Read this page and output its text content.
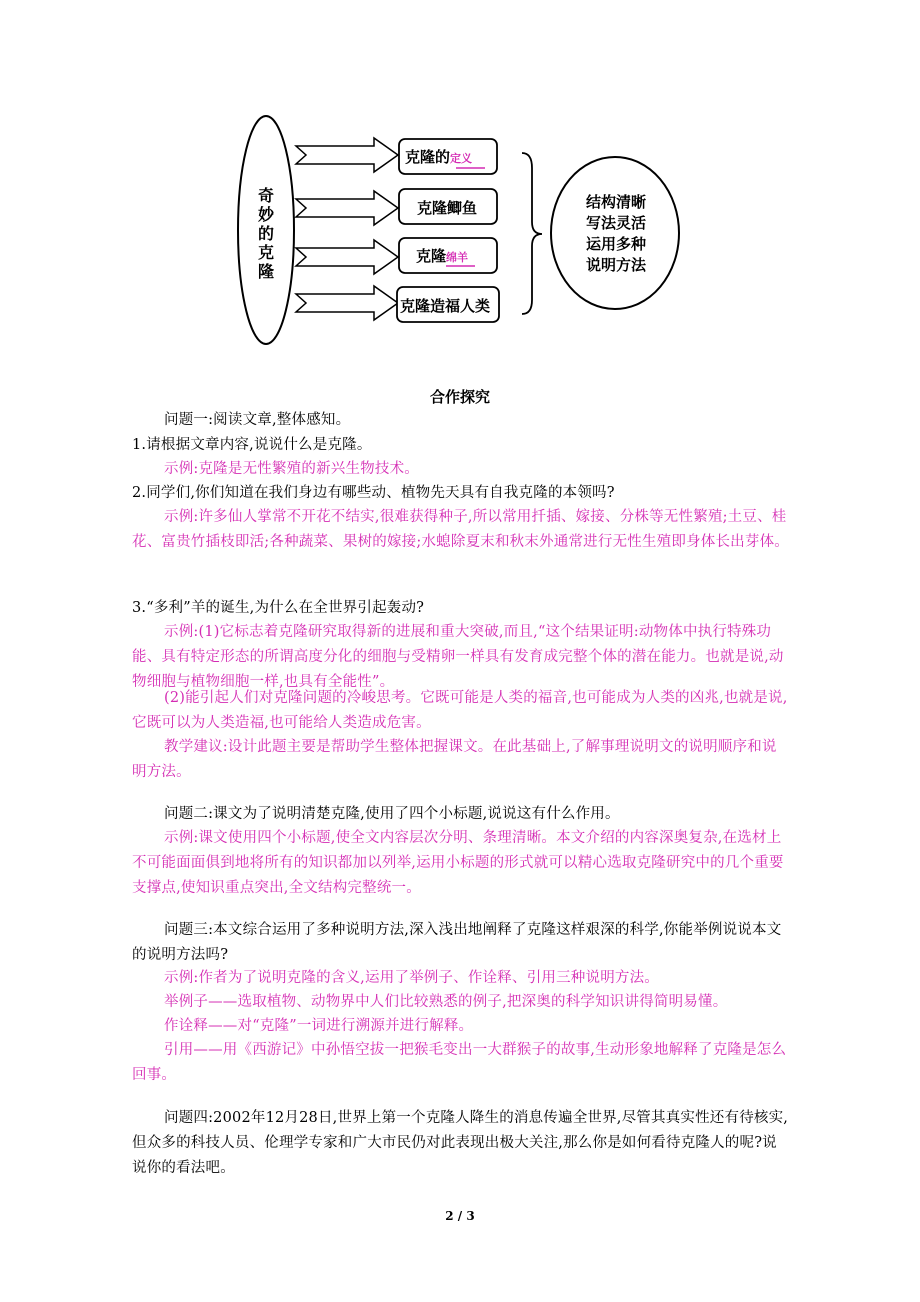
奇妙的克隆
克隆的定义
克隆鲫鱼
克隆绵羊
克隆造福人类
结构清晰
写法灵活
运用多种
说明方法
合作探究
问题一:阅读文章,整体感知。
1.请根据文章内容,说说什么是克隆。
示例:克隆是无性繁殖的新兴生物技术。
2.同学们,你们知道在我们身边有哪些动、植物先天具有自我克隆的本领吗?
示例:许多仙人掌常不开花不结实,很难获得种子,所以常用扦插、嫁接、分株等无性繁殖;土豆、桂花、富贵竹插枝即活;各种蔬菜、果树的嫁接;水螅除夏末和秋末外通常进行无性生殖即身体长出芽体。
3.“多利”羊的诞生,为什么在全世界引起轰动?
示例:(1)它标志着克隆研究取得新的进展和重大突破,而且,“这个结果证明:动物体中执行特殊功能、具有特定形态的所谓高度分化的细胞与受精卵一样具有发育成完整个体的潜在能力。也就是说,动物细胞与植物细胞一样,也具有全能性”。
(2)能引起人们对克隆问题的冷峻思考。它既可能是人类的福音,也可能成为人类的凶兆,也就是说,它既可以为人类造福,也可能给人类造成危害。
教学建议:设计此题主要是帮助学生整体把握课文。在此基础上,了解事理说明文的说明顺序和说明方法。
问题二:课文为了说明清楚克隆,使用了四个小标题,说说这有什么作用。
示例:课文使用四个小标题,使全文内容层次分明、条理清晰。本文介绍的内容深奥复杂,在选材上不可能面面俱到地将所有的知识都加以列举,运用小标题的形式就可以精心选取克隆研究中的几个重要支撑点,使知识重点突出,全文结构完整统一。
问题三:本文综合运用了多种说明方法,深入浅出地阐释了克隆这样艰深的科学,你能举例说说本文的说明方法吗?
示例:作者为了说明克隆的含义,运用了举例子、作诠释、引用三种说明方法。
举例子——选取植物、动物界中人们比较熟悉的例子,把深奥的科学知识讲得简明易懂。
作诠释——对“克隆”一词进行溯源并进行解释。
引用——用《西游记》中孙悟空拔一把猴毛变出一大群猴子的故事,生动形象地解释了克隆是怎么回事。
问题四:2002年12月28日,世界上第一个克隆人降生的消息传遍全世界,尽管其真实性还有待核实,但众多的科技人员、伦理学专家和广大市民仍对此表现出极大关注,那么你是如何看待克隆人的呢?说说你的看法吧。
2 / 3
